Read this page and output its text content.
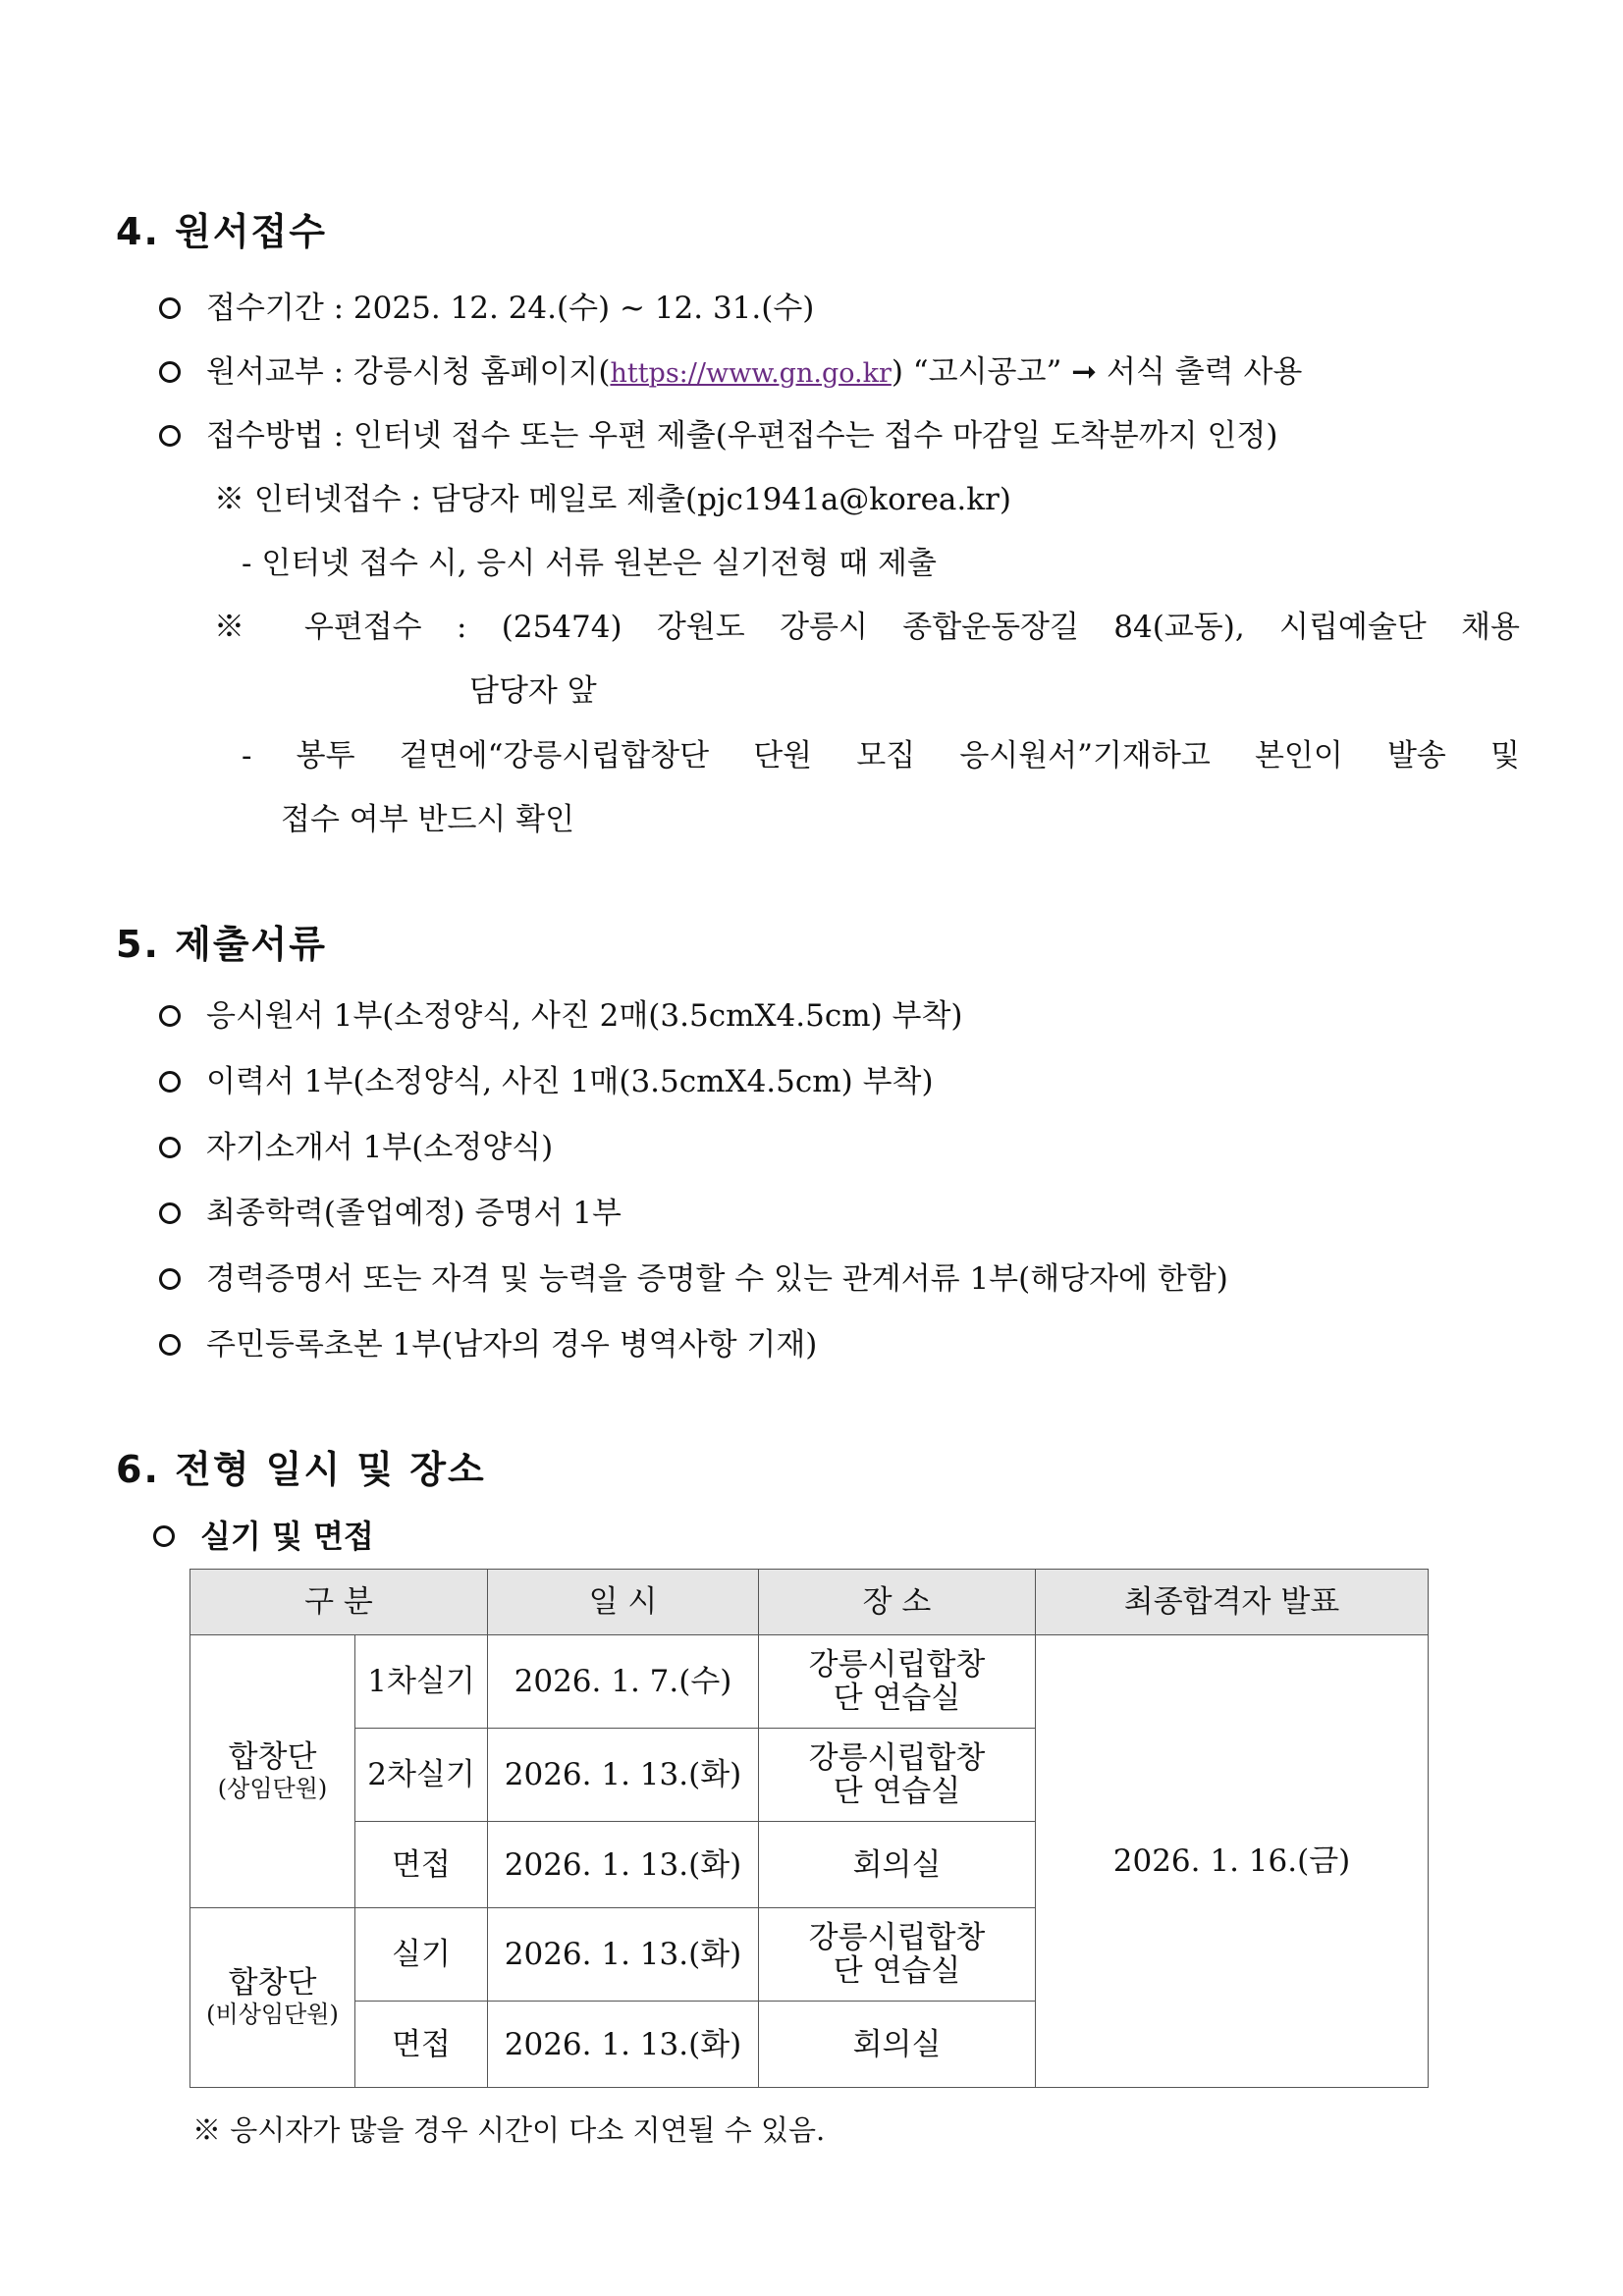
4. 원서접수
접수기간 : 2025. 12. 24.(수) ~ 12. 31.(수)
원서교부 : 강릉시청 홈페이지(https://www.gn.go.kr) “고시공고” ➞ 서식 출력 사용
접수방법 : 인터넷 접수 또는 우편 제출(우편접수는 접수 마감일 도착분까지 인정)
※ 인터넷접수 : 담당자 메일로 제출(pjc1941a@korea.kr)
- 인터넷 접수 시, 응시 서류 원본은 실기전형 때 제출
※ 우편접수 : (25474) 강원도 강릉시 종합운동장길 84(교동), 시립예술단 채용
담당자 앞
- 봉투 겉면에“강릉시립합창단 단원 모집 응시원서”기재하고 본인이 발송 및
접수 여부 반드시 확인
5. 제출서류
응시원서 1부(소정양식, 사진 2매(3.5cmX4.5cm) 부착)
이력서 1부(소정양식, 사진 1매(3.5cmX4.5cm) 부착)
자기소개서 1부(소정양식)
최종학력(졸업예정) 증명서 1부
경력증명서 또는 자격 및 능력을 증명할 수 있는 관계서류 1부(해당자에 한함)
주민등록초본 1부(남자의 경우 병역사항 기재)
6. 전형 일시 및 장소
실기 및 면접
구 분		일 시	장 소	최종합격자 발표
합창단
(상임단원)	1차실기	2026. 1. 7.(수)	강릉시립합창단 연습실	2026. 1. 16.(금)
	2차실기	2026. 1. 13.(화)	강릉시립합창단 연습실	
	면접	2026. 1. 13.(화)	회의실	
합창단
(비상임단원)	실기	2026. 1. 13.(화)	강릉시립합창단 연습실	
	면접	2026. 1. 13.(화)	회의실	
※ 응시자가 많을 경우 시간이 다소 지연될 수 있음.
